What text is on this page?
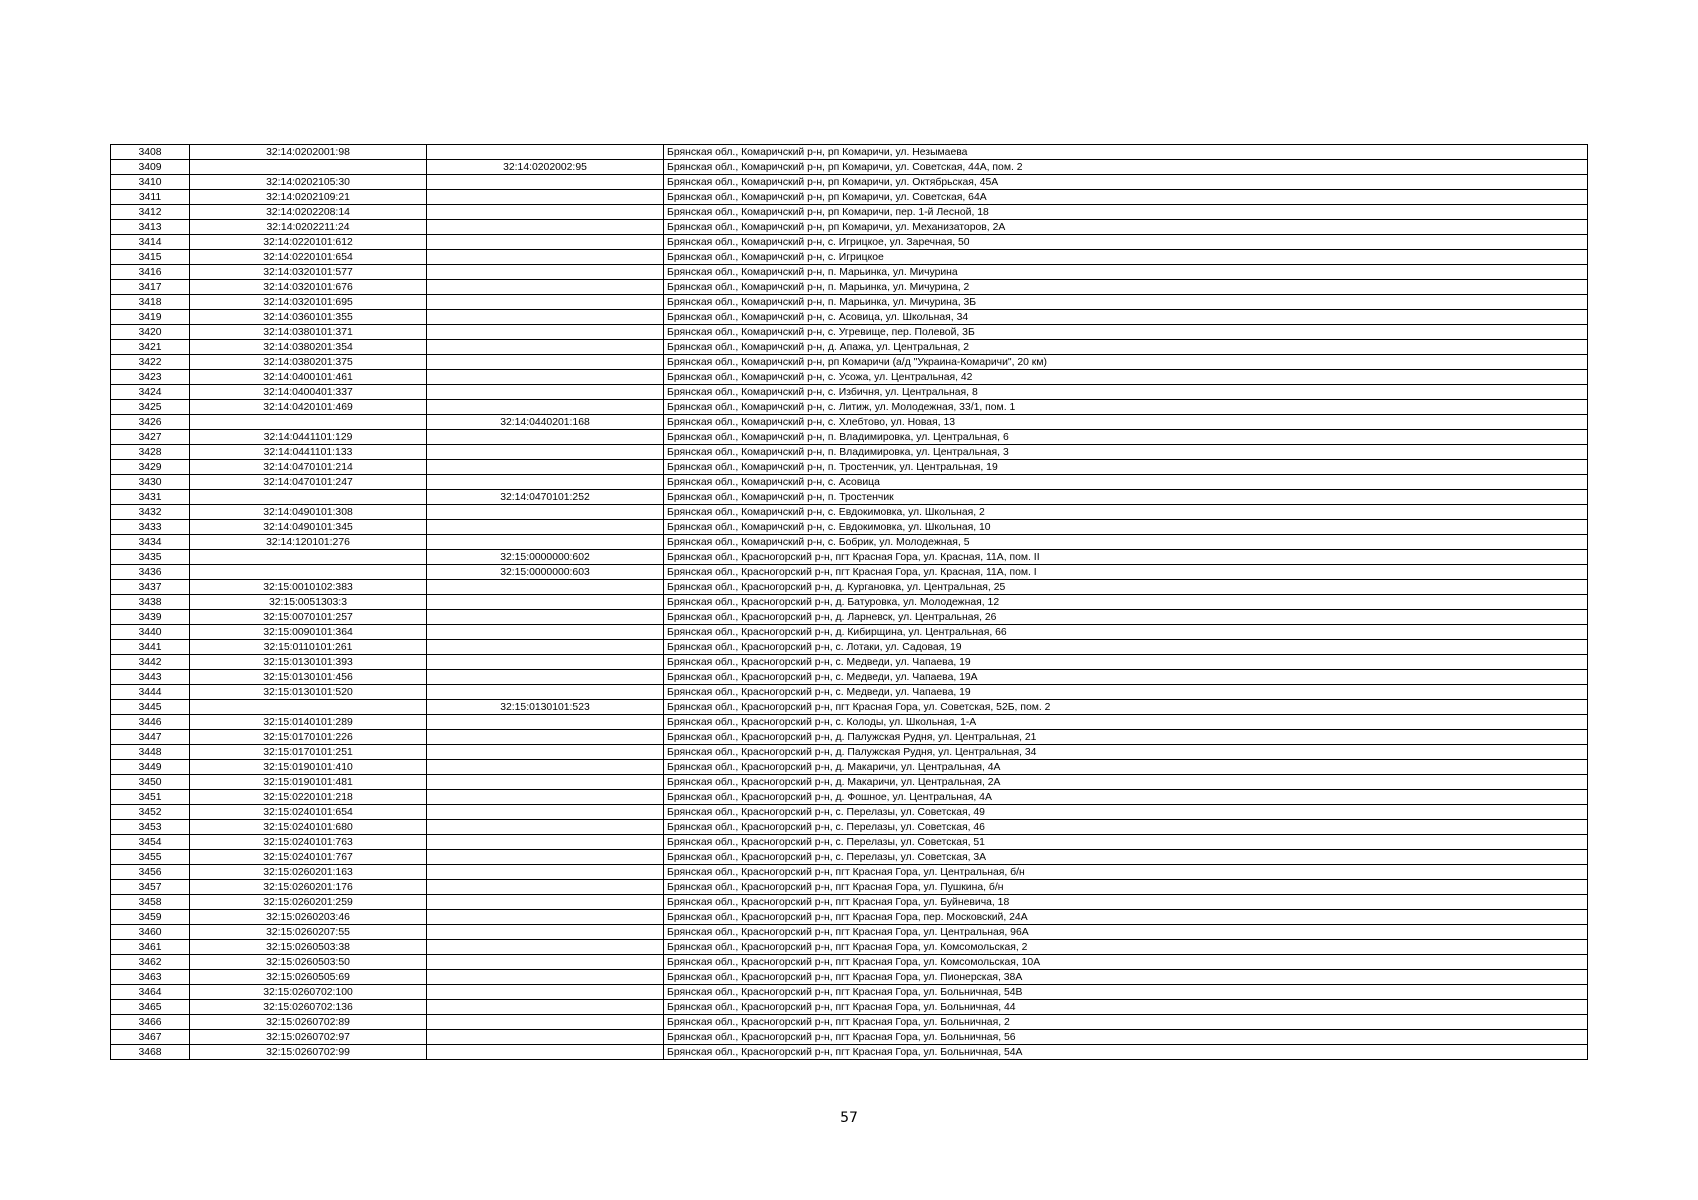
3408	32:14:0202001:98		Брянская обл., Комаричский р-н, рп Комаричи, ул. Незымаева
3409		32:14:0202002:95	Брянская обл., Комаричский р-н, рп Комаричи, ул. Советская, 44А, пом. 2
3410	32:14:0202105:30		Брянская обл., Комаричский р-н, рп Комаричи, ул. Октябрьская, 45А
3411	32:14:0202109:21		Брянская обл., Комаричский р-н, рп Комаричи, ул. Советская, 64А
3412	32:14:0202208:14		Брянская обл., Комаричский р-н, рп Комаричи, пер. 1-й Лесной, 18
3413	32:14:0202211:24		Брянская обл., Комаричский р-н, рп Комаричи, ул. Механизаторов, 2А
3414	32:14:0220101:612		Брянская обл., Комаричский р-н, с. Игрицкое, ул. Заречная, 50
3415	32:14:0220101:654		Брянская обл., Комаричский р-н, с. Игрицкое
3416	32:14:0320101:577		Брянская обл., Комаричский р-н, п. Марьинка, ул. Мичурина
3417	32:14:0320101:676		Брянская обл., Комаричский р-н, п. Марьинка, ул. Мичурина, 2
3418	32:14:0320101:695		Брянская обл., Комаричский р-н, п. Марьинка, ул. Мичурина, 3Б
3419	32:14:0360101:355		Брянская обл., Комаричский р-н, с. Асовица, ул. Школьная, 34
3420	32:14:0380101:371		Брянская обл., Комаричский р-н, с. Угревище, пер. Полевой, 3Б
3421	32:14:0380201:354		Брянская обл., Комаричский р-н, д. Апажа, ул. Центральная, 2
3422	32:14:0380201:375		Брянская обл., Комаричский р-н, рп Комаричи (а/д "Украина-Комаричи", 20 км)
3423	32:14:0400101:461		Брянская обл., Комаричский р-н, с. Усожа, ул. Центральная, 42
3424	32:14:0400401:337		Брянская обл., Комаричский р-н, с. Избичня, ул. Центральная, 8
3425	32:14:0420101:469		Брянская обл., Комаричский р-н, с. Литиж, ул. Молодежная, 33/1, пом. 1
3426		32:14:0440201:168	Брянская обл., Комаричский р-н, с. Хлебтово, ул. Новая, 13
3427	32:14:0441101:129		Брянская обл., Комаричский р-н, п. Владимировка, ул. Центральная, 6
3428	32:14:0441101:133		Брянская обл., Комаричский р-н, п. Владимировка, ул. Центральная, 3
3429	32:14:0470101:214		Брянская обл., Комаричский р-н, п. Тростенчик, ул. Центральная, 19
3430	32:14:0470101:247		Брянская обл., Комаричский р-н, с. Асовица
3431		32:14:0470101:252	Брянская обл., Комаричский р-н, п. Тростенчик
3432	32:14:0490101:308		Брянская обл., Комаричский р-н, с. Евдокимовка, ул. Школьная, 2
3433	32:14:0490101:345		Брянская обл., Комаричский р-н, с. Евдокимовка, ул. Школьная, 10
3434	32:14:120101:276		Брянская обл., Комаричский р-н, с. Бобрик, ул. Молодежная, 5
3435		32:15:0000000:602	Брянская обл., Красногорский р-н, пгт Красная Гора, ул. Красная, 11А, пом. II
3436		32:15:0000000:603	Брянская обл., Красногорский р-н, пгт Красная Гора, ул. Красная, 11А, пом. I
3437	32:15:0010102:383		Брянская обл., Красногорский р-н, д. Кургановка, ул. Центральная, 25
3438	32:15:0051303:3		Брянская обл., Красногорский р-н, д. Батуровка, ул. Молодежная, 12
3439	32:15:0070101:257		Брянская обл., Красногорский р-н, д. Ларневск, ул. Центральная, 26
3440	32:15:0090101:364		Брянская обл., Красногорский р-н, д. Кибирщина, ул. Центральная, 66
3441	32:15:0110101:261		Брянская обл., Красногорский р-н, с. Лотаки, ул. Садовая, 19
3442	32:15:0130101:393		Брянская обл., Красногорский р-н, с. Медведи, ул. Чапаева, 19
3443	32:15:0130101:456		Брянская обл., Красногорский р-н, с. Медведи, ул. Чапаева, 19А
3444	32:15:0130101:520		Брянская обл., Красногорский р-н, с. Медведи, ул. Чапаева, 19
3445		32:15:0130101:523	Брянская обл., Красногорский р-н, пгт Красная Гора, ул. Советская, 52Б, пом. 2
3446	32:15:0140101:289		Брянская обл., Красногорский р-н, с. Колоды, ул. Школьная, 1-А
3447	32:15:0170101:226		Брянская обл., Красногорский р-н, д. Палужская Рудня, ул. Центральная, 21
3448	32:15:0170101:251		Брянская обл., Красногорский р-н, д. Палужская Рудня, ул. Центральная, 34
3449	32:15:0190101:410		Брянская обл., Красногорский р-н, д. Макаричи, ул. Центральная, 4А
3450	32:15:0190101:481		Брянская обл., Красногорский р-н, д. Макаричи, ул. Центральная, 2А
3451	32:15:0220101:218		Брянская обл., Красногорский р-н, д. Фошное, ул. Центральная, 4А
3452	32:15:0240101:654		Брянская обл., Красногорский р-н, с. Перелазы, ул. Советская, 49
3453	32:15:0240101:680		Брянская обл., Красногорский р-н, с. Перелазы, ул. Советская, 46
3454	32:15:0240101:763		Брянская обл., Красногорский р-н, с. Перелазы, ул. Советская, 51
3455	32:15:0240101:767		Брянская обл., Красногорский р-н, с. Перелазы, ул. Советская, 3А
3456	32:15:0260201:163		Брянская обл., Красногорский р-н, пгт Красная Гора, ул. Центральная, б/н
3457	32:15:0260201:176		Брянская обл., Красногорский р-н, пгт Красная Гора, ул. Пушкина, б/н
3458	32:15:0260201:259		Брянская обл., Красногорский р-н, пгт Красная Гора, ул. Буйневича, 18
3459	32:15:0260203:46		Брянская обл., Красногорский р-н, пгт Красная Гора, пер. Московский, 24А
3460	32:15:0260207:55		Брянская обл., Красногорский р-н, пгт Красная Гора, ул. Центральная, 96А
3461	32:15:0260503:38		Брянская обл., Красногорский р-н, пгт Красная Гора, ул. Комсомольская, 2
3462	32:15:0260503:50		Брянская обл., Красногорский р-н, пгт Красная Гора, ул. Комсомольская, 10А
3463	32:15:0260505:69		Брянская обл., Красногорский р-н, пгт Красная Гора, ул. Пионерская, 38А
3464	32:15:0260702:100		Брянская обл., Красногорский р-н, пгт Красная Гора, ул. Больничная, 54В
3465	32:15:0260702:136		Брянская обл., Красногорский р-н, пгт Красная Гора, ул. Больничная, 44
3466	32:15:0260702:89		Брянская обл., Красногорский р-н, пгт Красная Гора, ул. Больничная, 2
3467	32:15:0260702:97		Брянская обл., Красногорский р-н, пгт Красная Гора, ул. Больничная, 56
3468	32:15:0260702:99		Брянская обл., Красногорский р-н, пгт Красная Гора, ул. Больничная, 54А
57
